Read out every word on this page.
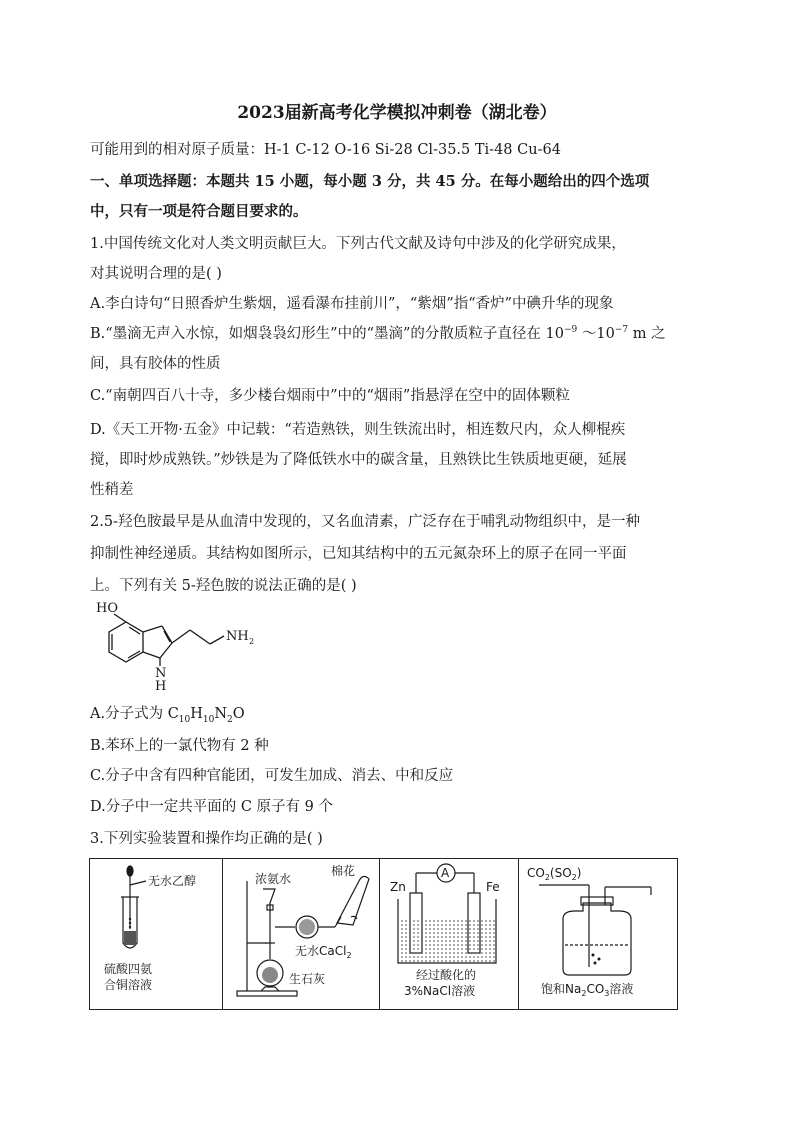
2023届新高考化学模拟冲刺卷（湖北卷）
可能用到的相对原子质量：H-1 C-12 O-16 Si-28 Cl-35.5 Ti-48 Cu-64
一、单项选择题：本题共 15 小题，每小题 3 分，共 45 分。在每小题给出的四个选项
中，只有一项是符合题目要求的。
1.中国传统文化对人类文明贡献巨大。下列古代文献及诗句中涉及的化学研究成果，
对其说明合理的是( )
A.李白诗句“日照香炉生紫烟，遥看瀑布挂前川”，“紫烟”指“香炉”中碘升华的现象
B.“墨滴无声入水惊，如烟袅袅幻形生”中的“墨滴”的分散质粒子直径在 $10^{-9}$ $\sim 10^{-7}$ m 之
间，具有胶体的性质
C.“南朝四百八十寺，多少楼台烟雨中”中的“烟雨”指悬浮在空中的固体颗粒
D.《天工开物·五金》中记载：“若造熟铁，则生铁流出时，相连数尺内，众人柳棍疾
搅，即时炒成熟铁。”炒铁是为了降低铁水中的碳含量，且熟铁比生铁质地更硬，延展
性稍差
2.5-羟色胺最早是从血清中发现的，又名血清素，广泛存在于哺乳动物组织中，是一种
抑制性神经递质。其结构如图所示，已知其结构中的五元氮杂环上的原子在同一平面
上。下列有关 5-羟色胺的说法正确的是( )
HO
NH 2
N
H
A.分子式为 $C_{10}H_{10}N_2O$
B.苯环上的一氯代物有 2 种
C.分子中含有四种官能团，可发生加成、消去、中和反应
D.分子中一定共平面的 C 原子有 9 个
3.下列实验装置和操作均正确的是( )
无水乙醇
硫酸四氨
合铜溶液
浓氨水
棉花
无水CaCl$_2$
生石灰
A
Zn	Fe
经过酸化的
3%NaCl溶液
$CO_2(SO_2)$
饱和$Na_2CO_3$溶液
